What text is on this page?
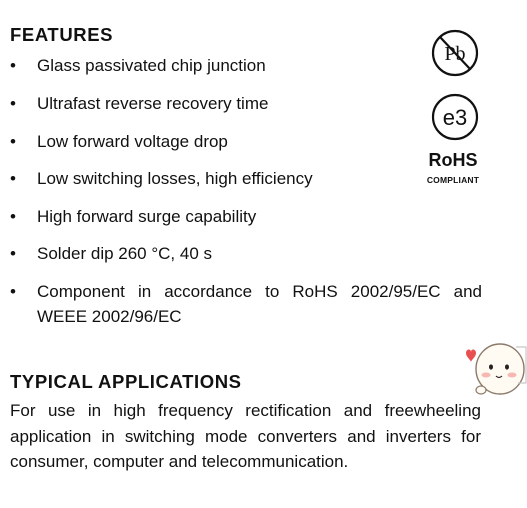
FEATURES
•	Glass passivated chip junction
•	Ultrafast reverse recovery time
•	Low forward voltage drop
•	Low switching losses, high efficiency
•	High forward surge capability
•	Solder dip 260 °C, 40 s
•	Component in accordance to RoHS 2002/95/EC and WEEE 2002/96/EC
Pb
e3
RoHS
COMPLIANT
TYPICAL APPLICATIONS

For use in high frequency rectification and freewheeling application in switching mode converters and inverters for consumer, computer and telecommunication.
